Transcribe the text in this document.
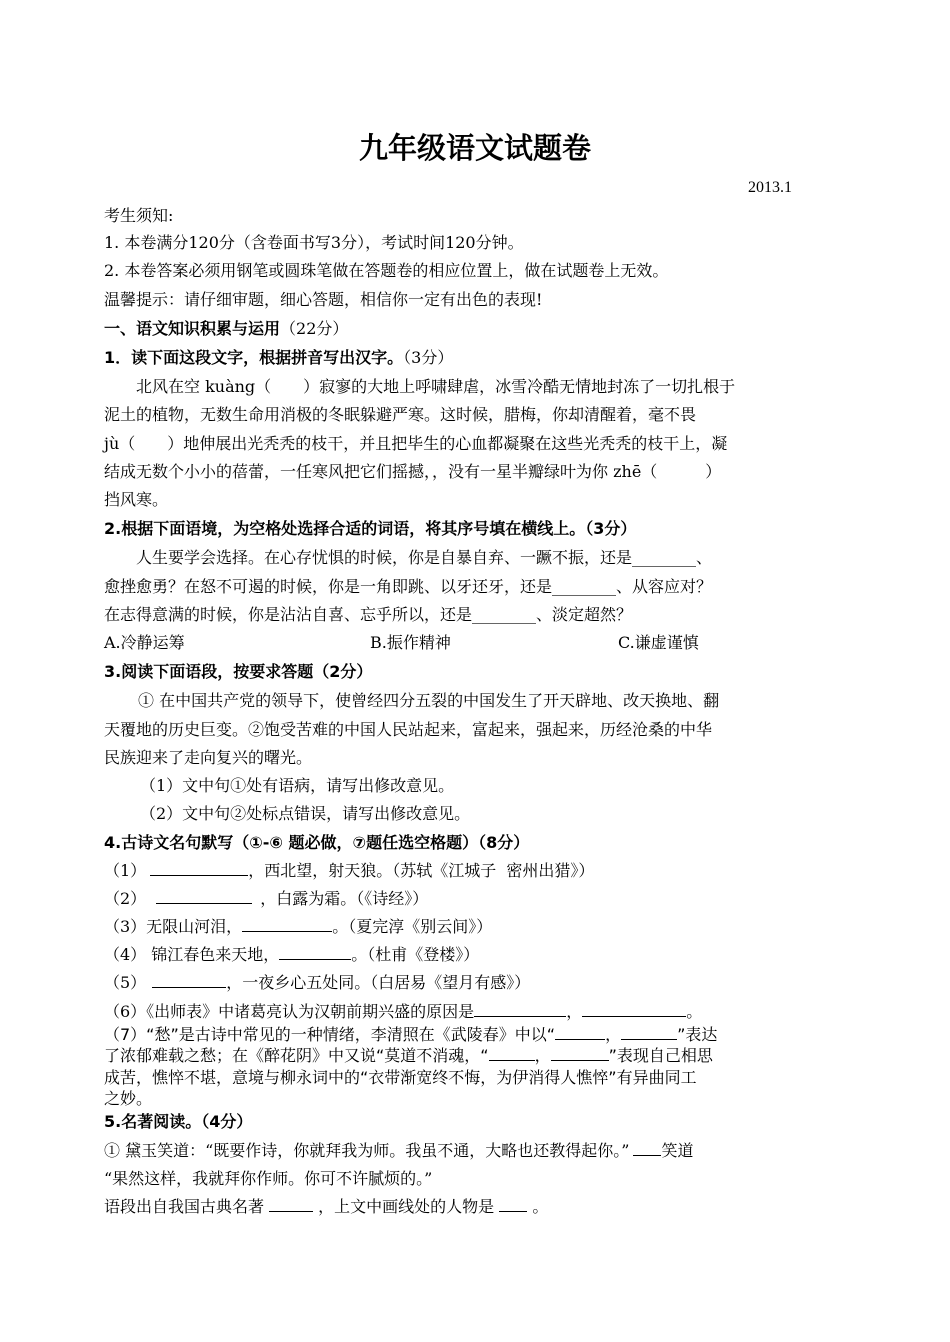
九年级语文试题卷
2013.1
考生须知:
1. 本卷满分120分（含卷面书写3分），考试时间120分钟。
2. 本卷答案必须用钢笔或圆珠笔做在答题卷的相应位置上，做在试题卷上无效。
温馨提示：请仔细审题，细心答题，相信你一定有出色的表现!
一、语文知识积累与运用（22分）
1．读下面这段文字，根据拼音写出汉字。（3分）
北风在空 kuàng（　　）寂寥的大地上呼啸肆虐，冰雪冷酷无情地封冻了一切扎根于
泥土的植物，无数生命用消极的冬眠躲避严寒。这时候，腊梅，你却清醒着，毫不畏
jù（　　）地伸展出光秃秃的枝干，并且把毕生的心血都凝聚在这些光秃秃的枝干上，凝
结成无数个小小的蓓蕾，一任寒风把它们摇撼，，没有一星半瓣绿叶为你 zhē（　　　）
挡风寒。
2.根据下面语境，为空格处选择合适的词语，将其序号填在横线上。（3分）
人生要学会选择。在心存忧惧的时候，你是自暴自弃、一蹶不振，还是________、
愈挫愈勇？在怒不可遏的时候，你是一角即跳、以牙还牙，还是________、从容应对？
在志得意满的时候，你是沾沾自喜、忘乎所以，还是________、淡定超然？
A.冷静运筹	B.振作精神	C.谦虚谨慎
3.阅读下面语段，按要求答题（2分）
① 在中国共产党的领导下，使曾经四分五裂的中国发生了开天辟地、改天换地、翻
天覆地的历史巨变。②饱受苦难的中国人民站起来，富起来，强起来，历经沧桑的中华
民族迎来了走向复兴的曙光。
（1）文中句①处有语病，请写出修改意见。
（2）文中句②处标点错误，请写出修改意见。
4.古诗文名句默写（①-⑥ 题必做，⑦题任选空格题）（8分）
（1）	，西北望，射天狼。（苏轼《江城子  密州出猎》）
（2）	，白露为霜。（《诗经》）
（3）无限山河泪，	。（夏完淳《别云间》）
（4） 锦江春色来天地，	。（杜甫《登楼》）
（5）	，一夜乡心五处同。（白居易《望月有感》）
（6）《出师表》中诸葛亮认为汉朝前期兴盛的原因是	，	。
（7）“愁”是古诗中常见的一种情绪，李清照在《武陵春》中以“	，	”表达
了浓郁难载之愁；在《醉花阴》中又说“莫道不消魂，“	，	”表现自己相思
成苦，憔悴不堪，意境与柳永词中的“衣带渐宽终不悔，为伊消得人憔悴”有异曲同工
之妙。
5.名著阅读。（4分）
① 黛玉笑道：“既要作诗，你就拜我为师。我虽不通，大略也还教得起你。” 笑道
“果然这样，我就拜你作师。你可不许腻烦的。”
语段出自我国古典名著	，上文中画线处的人物是  。
